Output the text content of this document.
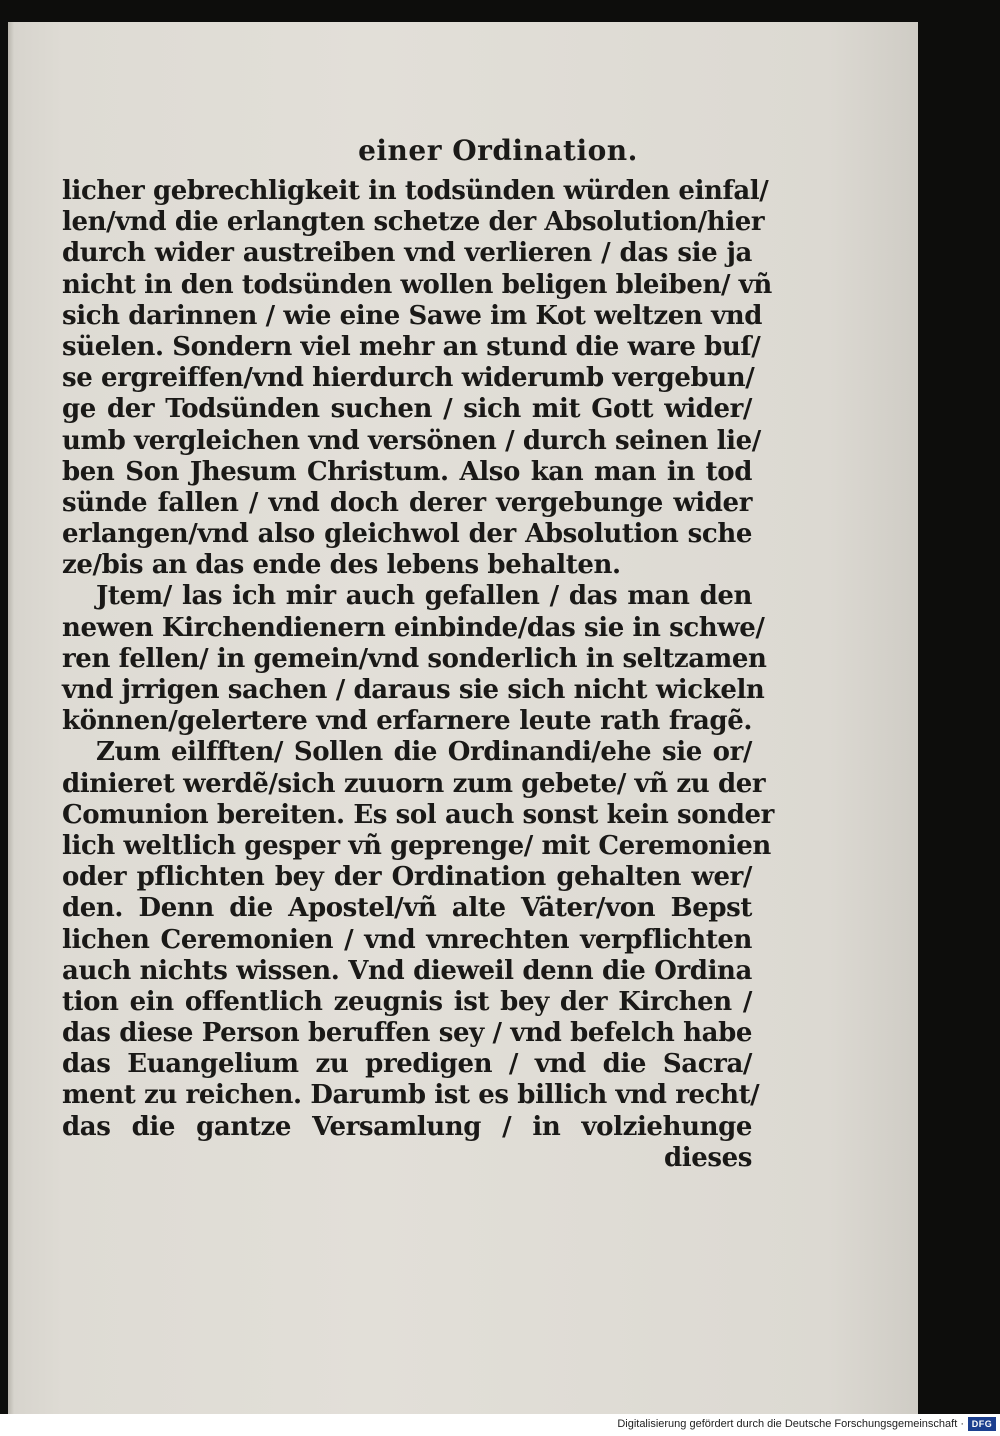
einer Ordination.
licher gebrechligkeit in todsünden würden einfal/
len/vnd die erlangten schetze der Absolution/hier
durch wider austreiben vnd verlieren / das sie ja
nicht in den todsünden wollen beligen bleiben/ vñ
sich darinnen / wie eine Sawe im Kot weltzen vnd
süelen. Sondern viel mehr an stund die ware buſ/
se ergreiffen/vnd hierdurch widerumb vergebun/
ge der Todsünden suchen / sich mit Gott wider/
umb vergleichen vnd versönen / durch seinen lie/
ben Son Jhesum Christum. Also kan man in tod
sünde fallen / vnd doch derer vergebunge wider
erlangen/vnd also gleichwol der Absolution sche
ze/bis an das ende des lebens behalten.
Jtem/ las ich mir auch gefallen / das man den
newen Kirchendienern einbinde/das sie in schwe/
ren fellen/ in gemein/vnd sonderlich in seltzamen
vnd jrrigen sachen / daraus sie sich nicht wickeln
können/gelertere vnd erfarnere leute rath fragẽ.
Zum eilfften/ Sollen die Ordinandi/ehe sie or/
dinieret werdẽ/sich zuuorn zum gebete/ vñ zu der
Comunion bereiten. Es sol auch sonst kein sonder
lich weltlich gesper vñ geprenge/ mit Ceremonien
oder pflichten bey der Ordination gehalten wer/
den. Denn die Apostel/vñ alte Väter/von Bepst
lichen Ceremonien / vnd vnrechten verpflichten
auch nichts wissen. Vnd dieweil denn die Ordina
tion ein offentlich zeugnis ist bey der Kirchen /
das diese Person beruffen sey / vnd befelch habe
das Euangelium zu predigen / vnd die Sacra/
ment zu reichen. Darumb ist es billich vnd recht/
das die gantze Versamlung / in volziehunge
dieses
Digitalisierung gefördert durch die Deutsche Forschungsgemeinschaft · DFG
